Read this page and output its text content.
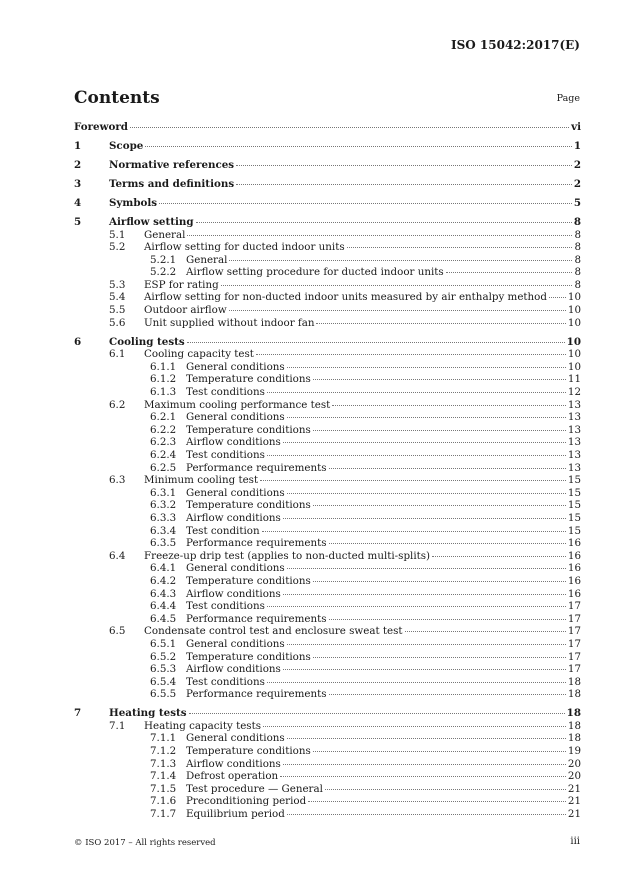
ISO 15042:2017(E)
Contents	Page
Foreword	vi
1	Scope	1
2	Normative references	2
3	Terms and definitions	2
4	Symbols	5
5	Airflow setting	8
5.1	General	8
5.2	Airflow setting for ducted indoor units	8
5.2.1 General	8
5.2.2 Airflow setting procedure for ducted indoor units	8
5.3	ESP for rating	8
5.4	Airflow setting for non-ducted indoor units measured by air enthalpy method 10
5.5	Outdoor airflow	10
5.6	Unit supplied without indoor fan	10
6	Cooling tests	10
6.1	Cooling capacity test	10
6.1.1 General conditions	10
6.1.2 Temperature conditions	11
6.1.3 Test conditions	12
6.2	Maximum cooling performance test	13
6.2.1 General conditions	13
6.2.2 Temperature conditions	13
6.2.3 Airflow conditions	13
6.2.4 Test conditions	13
6.2.5 Performance requirements	13
6.3	Minimum cooling test	15
6.3.1 General conditions	15
6.3.2 Temperature conditions	15
6.3.3 Airflow conditions	15
6.3.4 Test condition	15
6.3.5 Performance requirements	16
6.4	Freeze-up drip test (applies to non-ducted multi-splits)	16
6.4.1 General conditions	16
6.4.2 Temperature conditions	16
6.4.3 Airflow conditions	16
6.4.4 Test conditions	17
6.4.5 Performance requirements	17
6.5	Condensate control test and enclosure sweat test	17
6.5.1 General conditions	17
6.5.2 Temperature conditions	17
6.5.3 Airflow conditions	17
6.5.4 Test conditions	18
6.5.5 Performance requirements	18
7	Heating tests	18
7.1	Heating capacity tests	18
7.1.1 General conditions	18
7.1.2 Temperature conditions	19
7.1.3 Airflow conditions	20
7.1.4 Defrost operation	20
7.1.5 Test procedure — General	21
7.1.6 Preconditioning period	21
7.1.7 Equilibrium period	21
© ISO 2017 – All rights reserved	iii
